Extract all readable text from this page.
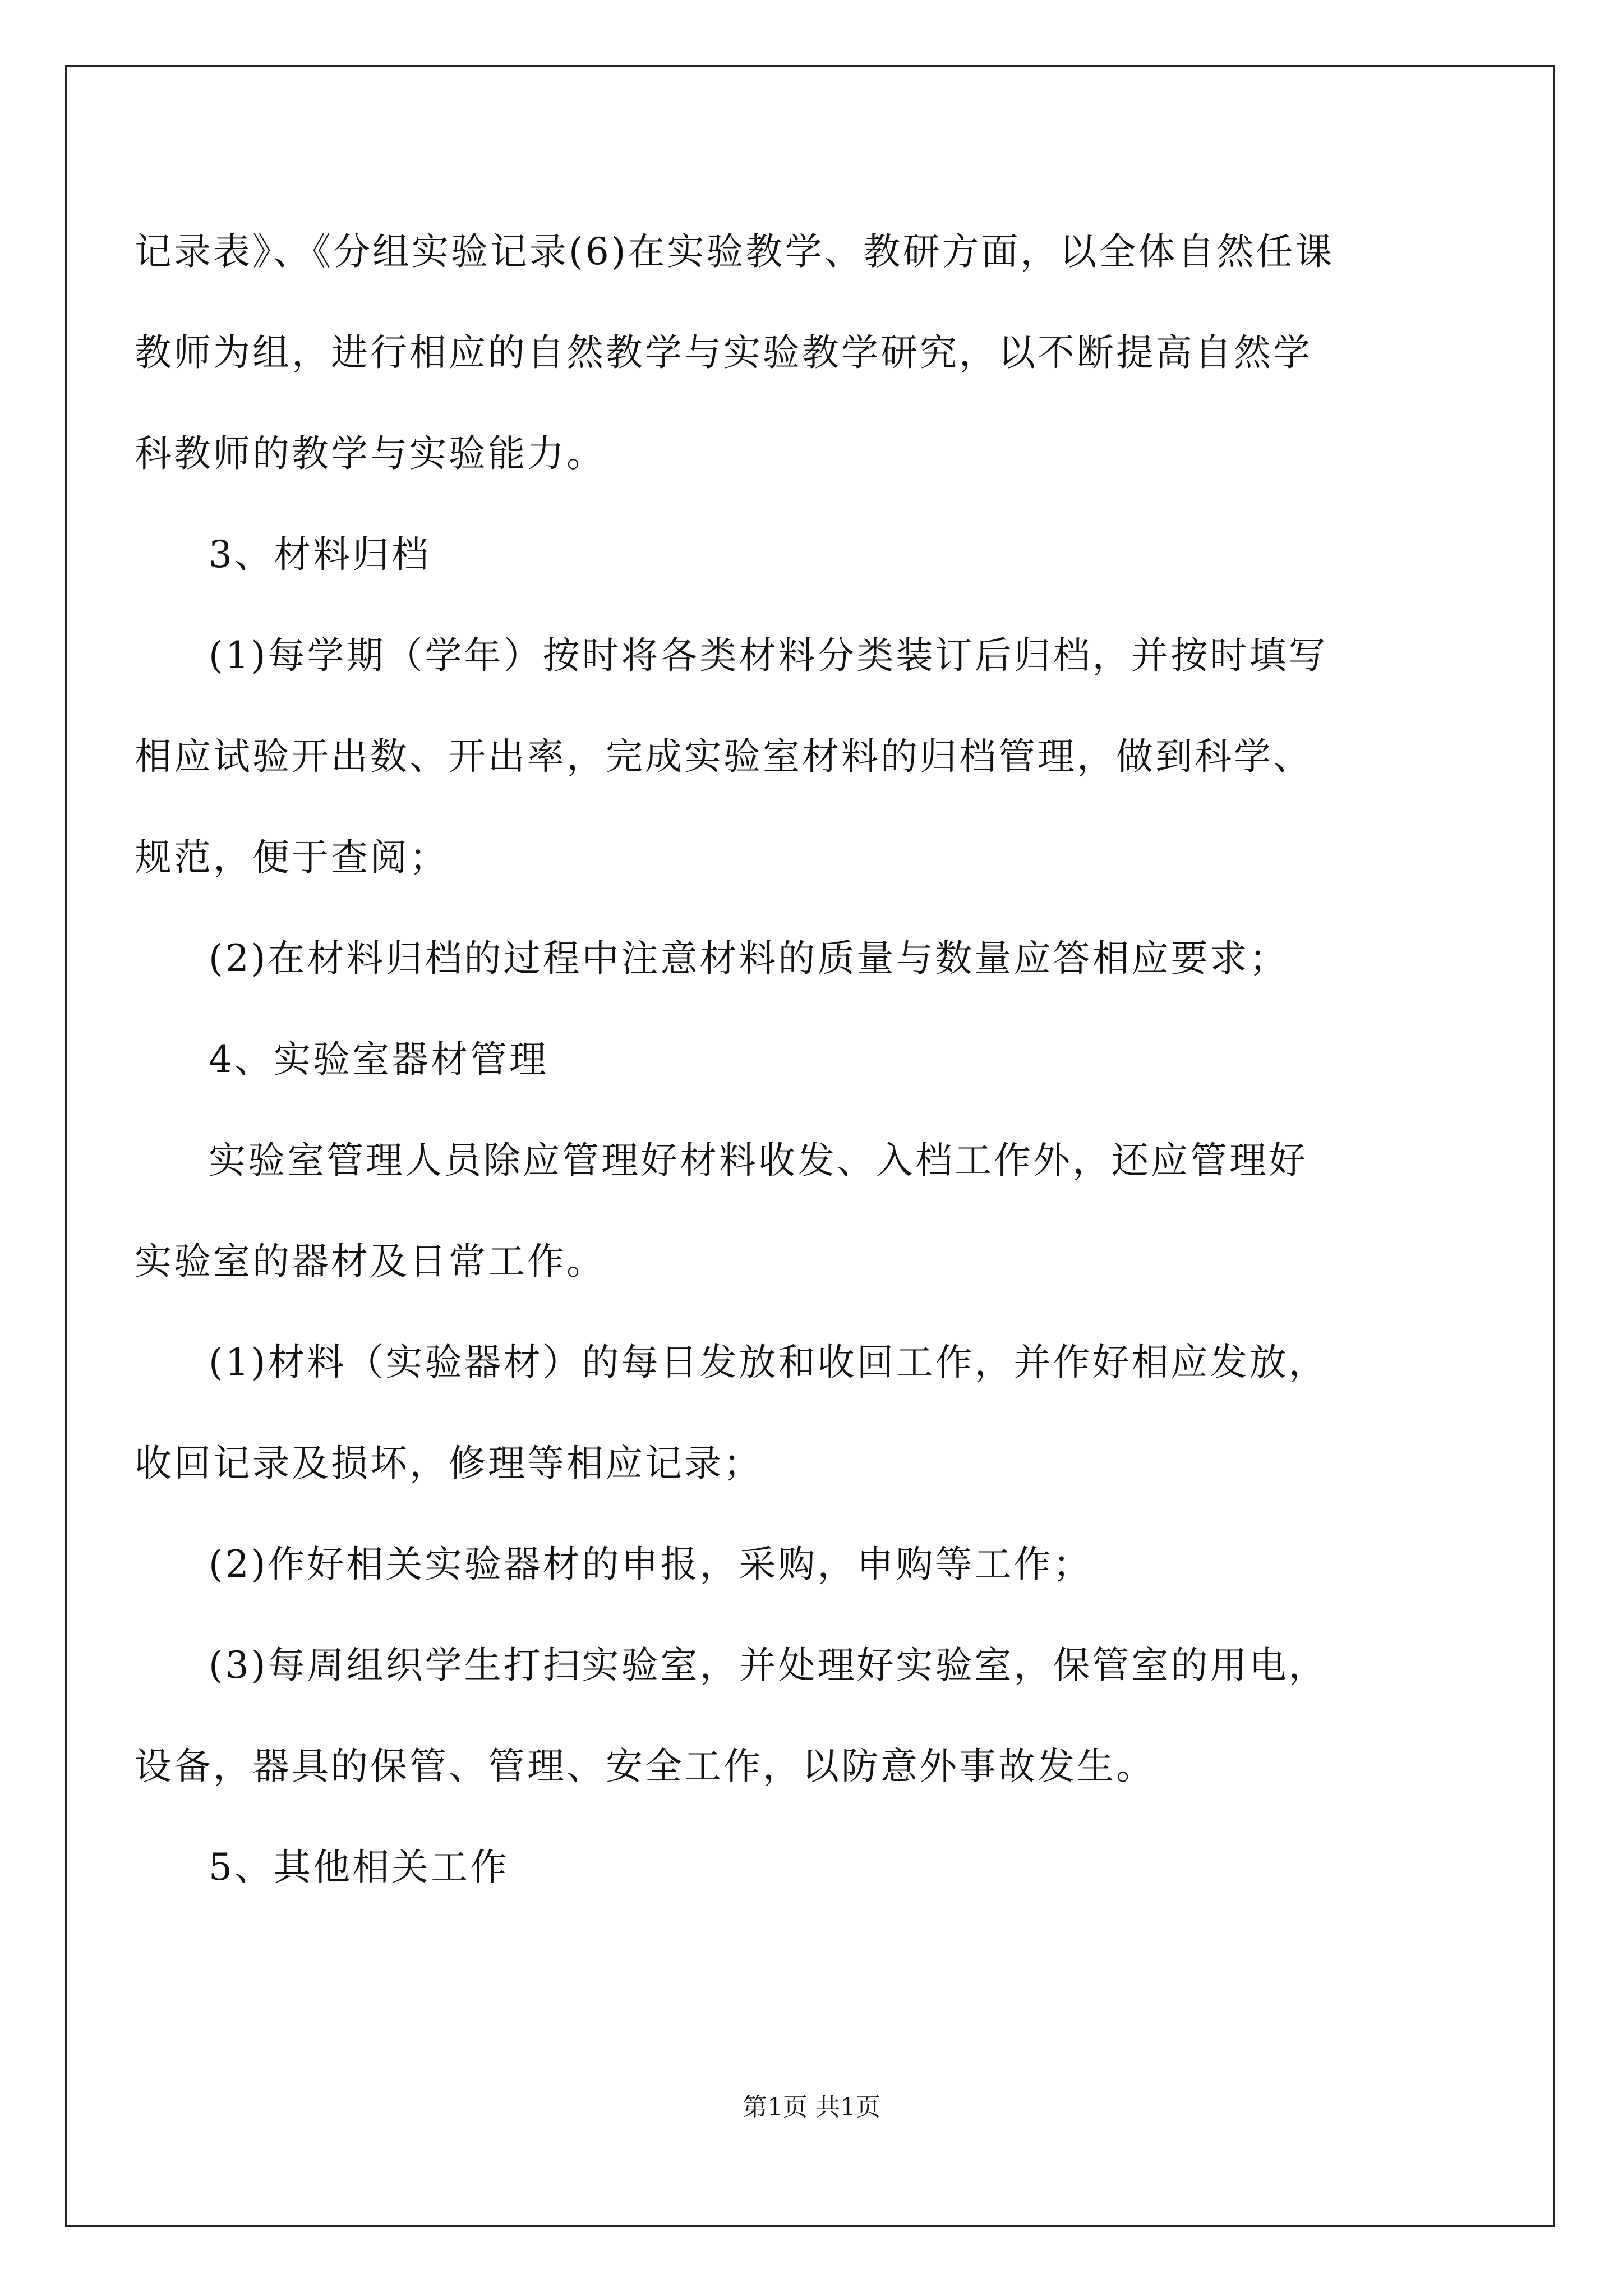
记录表》、《分组实验记录(6)在实验教学、教研方面，以全体自然任课
教师为组，进行相应的自然教学与实验教学研究，以不断提高自然学
科教师的教学与实验能力。
3、材料归档
(1)每学期（学年）按时将各类材料分类装订后归档，并按时填写
相应试验开出数、开出率，完成实验室材料的归档管理，做到科学、
规范，便于查阅；
(2)在材料归档的过程中注意材料的质量与数量应答相应要求；
4、实验室器材管理
实验室管理人员除应管理好材料收发、入档工作外，还应管理好
实验室的器材及日常工作。
(1)材料（实验器材）的每日发放和收回工作，并作好相应发放，
收回记录及损坏，修理等相应记录；
(2)作好相关实验器材的申报，采购，申购等工作；
(3)每周组织学生打扫实验室，并处理好实验室，保管室的用电，
设备，器具的保管、管理、安全工作，以防意外事故发生。
5、其他相关工作
第1页 共1页
